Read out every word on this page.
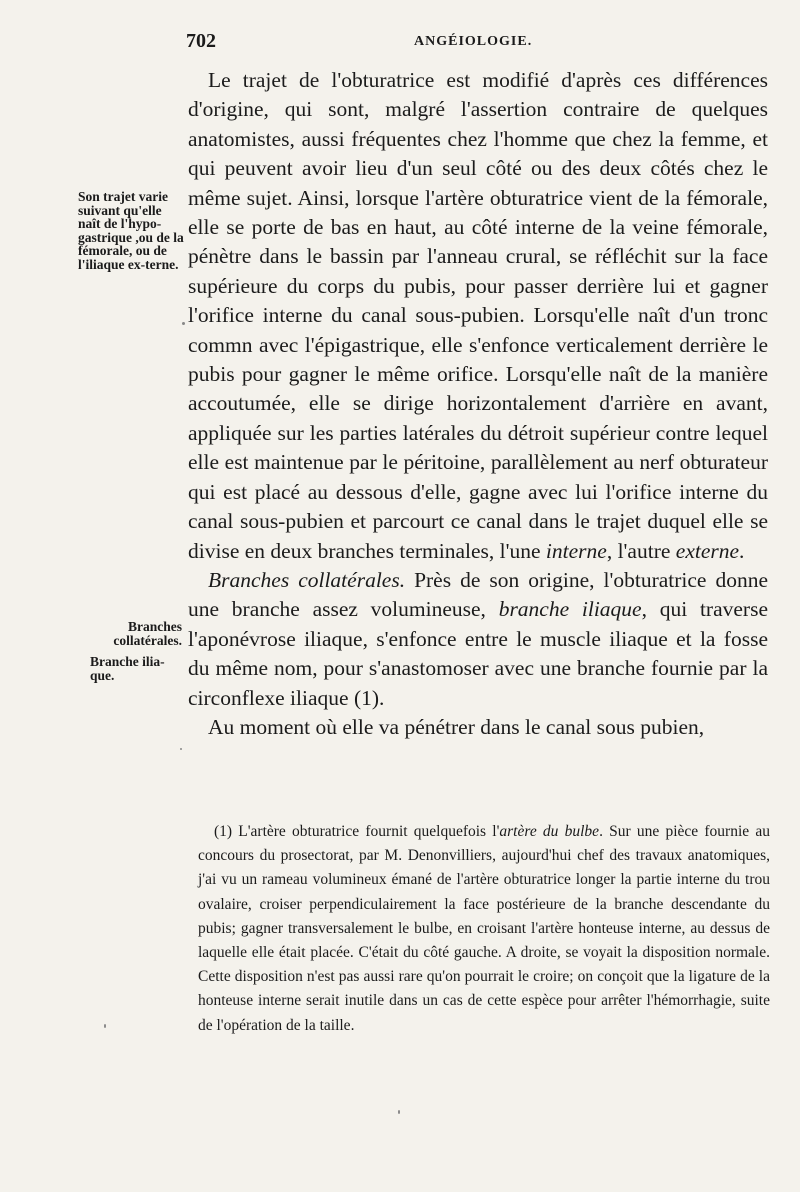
702	ANGÉIOLOGIE.

Son trajet varie suivant qu'elle naît de l'hypo-gastrique ,ou de la fémorale, ou de l'iliaque ex-terne.

Branches collatérales.

Branche ilia-que.

Le trajet de l'obturatrice est modifié d'après ces différences d'origine, qui sont, malgré l'assertion contraire de quelques anatomistes, aussi fréquentes chez l'homme que chez la femme, et qui peuvent avoir lieu d'un seul côté ou des deux côtés chez le même sujet. Ainsi, lorsque l'artère obturatrice vient de la fémorale, elle se porte de bas en haut, au côté interne de la veine fémorale, pénètre dans le bassin par l'anneau crural, se réfléchit sur la face supérieure du corps du pubis, pour passer derrière lui et gagner l'orifice interne du canal sous-pubien. Lorsqu'elle naît d'un tronc commn avec l'épigastrique, elle s'enfonce verticalement derrière le pubis pour gagner le même orifice. Lorsqu'elle naît de la manière accoutumée, elle se dirige horizontalement d'arrière en avant, appliquée sur les parties latérales du détroit supérieur contre lequel elle est maintenue par le péritoine, parallèlement au nerf obturateur qui est placé au dessous d'elle, gagne avec lui l'orifice interne du canal sous-pubien et parcourt ce canal dans le trajet duquel elle se divise en deux branches terminales, l'une interne, l'autre externe.

Branches collatérales. Près de son origine, l'obturatrice donne une branche assez volumineuse, branche iliaque, qui traverse l'aponévrose iliaque, s'enfonce entre le muscle iliaque et la fosse du même nom, pour s'anastomoser avec une branche fournie par la circonflexe iliaque (1).

Au moment où elle va pénétrer dans le canal sous pubien,

(1) L'artère obturatrice fournit quelquefois l'artère du bulbe. Sur une pièce fournie au concours du prosectorat, par M. Denonvilliers, aujourd'hui chef des travaux anatomiques, j'ai vu un rameau volumineux émané de l'artère obturatrice longer la partie interne du trou ovalaire, croiser perpendiculairement la face postérieure de la branche descendante du pubis; gagner transversalement le bulbe, en croisant l'artère honteuse interne, au dessus de laquelle elle était placée. C'était du côté gauche. A droite, se voyait la disposition normale. Cette disposition n'est pas aussi rare qu'on pourrait le croire; on conçoit que la ligature de la honteuse interne serait inutile dans un cas de cette espèce pour arrêter l'hémorrhagie, suite de l'opération de la taille.
